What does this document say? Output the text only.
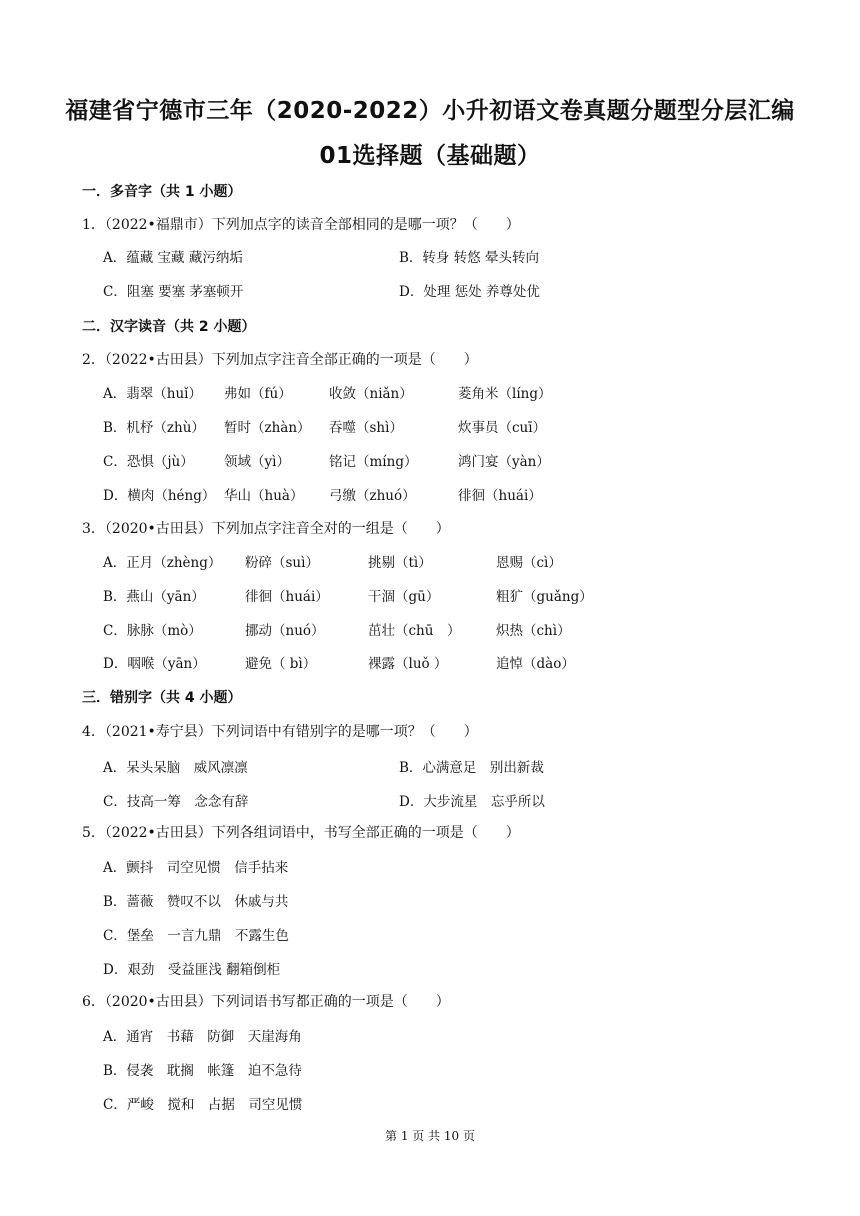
福建省宁德市三年（2020-2022）小升初语文卷真题分题型分层汇编
01选择题（基础题）
一．多音字（共 1 小题）
1．（2022•福鼎市）下列加点字的读音全部相同的是哪一项？（　　）
A．蕴藏 宝藏 藏污纳垢	B．转身 转悠 晕头转向
C．阻塞 要塞 茅塞顿开	D．处理 惩处 养尊处优
二．汉字读音（共 2 小题）
2．（2022•古田县）下列加点字注音全部正确的一项是（　　）
A．翡翠（huǐ） 弗如（fú）	收敛（niǎn）	菱角米（líng）
B．机杼（zhù） 暂时（zhàn） 吞噬（shì）	炊事员（cuī）
C．恐惧（jù） 领域（yì）	铭记（míng）	鸿门宴（yàn）
D．横肉（héng） 华山（huà） 弓缴（zhuó）	徘徊（huái）
3．（2020•古田县）下列加点字注音全对的一组是（　　）
A．正月（zhèng） 粉碎（suì）	挑剔（tì）	恩赐（cì）
B．燕山（yān）	徘徊（huái）	干涸（gū）	粗犷（guǎng）
C．脉脉（mò）	挪动（nuó）	茁壮（chū　）	炽热（chì）
D．咽喉（yān）	避免（ bì）	裸露（luǒ ）	追悼（dào）
三．错别字（共 4 小题）
4．（2021•寿宁县）下列词语中有错别字的是哪一项？（　　）
A．呆头呆脑　威风凛凛	B．心满意足　别出新裁
C．技高一筹　念念有辞	D．大步流星　忘乎所以
5．（2022•古田县）下列各组词语中，书写全部正确的一项是（　　）
A．颤抖　司空见惯　信手拈来
B．蔷薇　赞叹不以　休戚与共
C．堡垒　一言九鼎　不露生色
D．艰劲　受益匪浅 翻箱倒柜
6．（2020•古田县）下列词语书写都正确的一项是（　　）
A．通宵　书藉　防御　天崖海角
B．侵袭　耽搁　帐篷　迫不急待
C．严峻　搅和　占据　司空见惯
第 1 页 共 10 页
